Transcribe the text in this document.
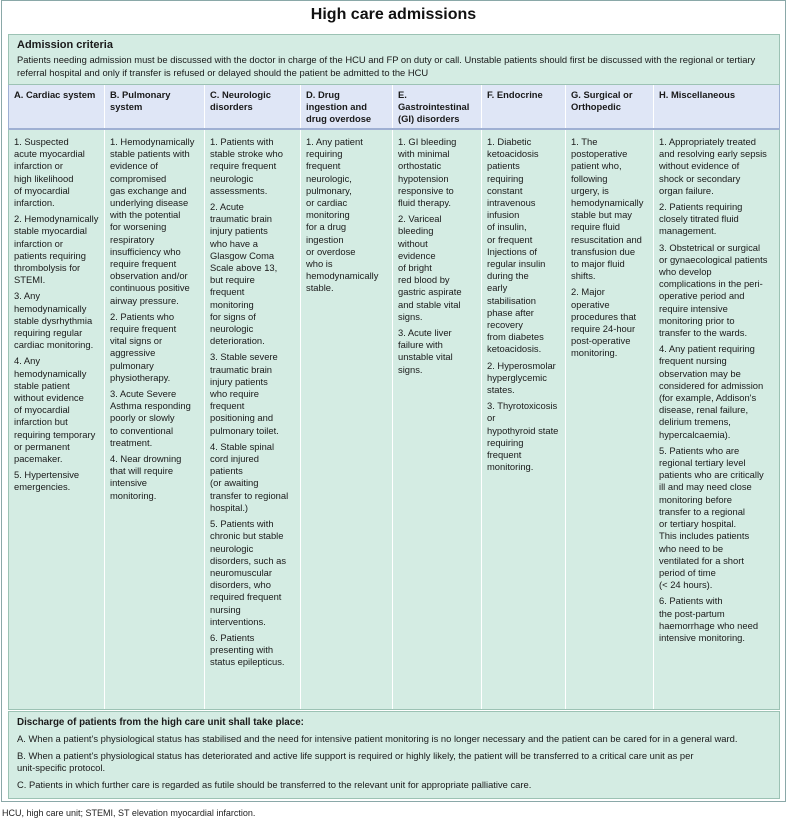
High care admissions
Admission criteria
Patients needing admission must be discussed with the doctor in charge of the HCU and FP on duty or call. Unstable patients should first be discussed with the regional or tertiary referral hospital and only if transfer is refused or delayed should the patient be admitted to the HCU
A. Cardiac system	B. Pulmonary
system
C. Neurologic
disorders
D. Drug
ingestion and
drug overdose
E. Gastrointestinal
(GI) disorders
F. Endocrine	G. Surgical or
Orthopedic
H. Miscellaneous

1. Suspected
acute myocardial
infarction or
high likelihood
of myocardial
infarction.

2. Hemodynamically
stable myocardial
infarction or
patients requiring
thrombolysis for
STEMI.

3. Any
hemodynamically
stable dysrhythmia
requiring regular
cardiac monitoring.

4. Any
hemodynamically
stable patient
without evidence
of myocardial
infarction but
requiring temporary
or permanent
pacemaker.

5. Hypertensive
emergencies.

1. Hemodynamically
stable patients with
evidence of
compromised
gas exchange and
underlying disease
with the potential
for worsening
respiratory
insufficiency who
require frequent
observation and/or
continuous positive
airway pressure.

2. Patients who
require frequent
vital signs or
aggressive
pulmonary
physiotherapy.

3. Acute Severe
Asthma responding
poorly or slowly
to conventional
treatment.

4. Near drowning
that will require
intensive
monitoring.

1. Patients with
stable stroke who
require frequent
neurologic
assessments.

2. Acute
traumatic brain
injury patients
who have a
Glasgow Coma
Scale above 13,
but require
frequent
monitoring
for signs of
neurologic
deterioration.

3. Stable severe
traumatic brain
injury patients
who require
frequent
positioning and
pulmonary toilet.

4. Stable spinal
cord injured
patients
(or awaiting
transfer to regional
hospital.)

5. Patients with
chronic but stable
neurologic
disorders, such as
neuromuscular
disorders, who
required frequent
nursing
interventions.

6. Patients
presenting with
status epilepticus.

1. Any patient
requiring
frequent
neurologic,
pulmonary,
or cardiac
monitoring
for a drug
ingestion
or overdose
who is
hemodynamically
stable.

1. GI bleeding
with minimal
orthostatic
hypotension
responsive to
fluid therapy.

2. Variceal
bleeding
without
evidence
of bright
red blood by
gastric aspirate
and stable vital
signs.

3. Acute liver
failure with
unstable vital
signs.

1. Diabetic
ketoacidosis
patients
requiring
constant
intravenous
infusion
of insulin,
or frequent
Injections of
regular insulin
during the
early
stabilisation
phase after
recovery
from diabetes
ketoacidosis.

2. Hyperosmolar
hyperglycemic
states.

3. Thyrotoxicosis or
hypothyroid state
requiring frequent
monitoring.

1. The
postoperative
patient who,
following
urgery, is
hemodynamically
stable but may
require fluid
resuscitation and
transfusion due
to major fluid
shifts.

2. Major
operative
procedures that
require 24-hour
post-operative
monitoring.

1. Appropriately treated
and resolving early sepsis
without evidence of
shock or secondary
organ failure.

2. Patients requiring
closely titrated fluid
management.

3. Obstetrical or surgical
or gynaecological patients
who develop
complications in the peri-
operative period and
require intensive
monitoring prior to
transfer to the wards.

4. Any patient requiring
frequent nursing
observation may be
considered for admission
(for example, Addison's
disease, renal failure,
delirium tremens,
hypercalcaemia).

5. Patients who are
regional tertiary level
patients who are critically
ill and may need close
monitoring before
transfer to a regional
or tertiary hospital.
This includes patients
who need to be
ventilated for a short
period of time
(< 24 hours).

6. Patients with
the post-partum
haemorrhage who need
intensive monitoring.

Discharge of patients from the high care unit shall take place:
A. When a patient's physiological status has stabilised and the need for intensive patient monitoring is no longer necessary and the patient can be cared for in a general ward.
B. When a patient's physiological status has deteriorated and active life support is required or highly likely, the patient will be transferred to a critical care unit as per
unit-specific protocol.
C. Patients in which further care is regarded as futile should be transferred to the relevant unit for appropriate palliative care.
HCU, high care unit; STEMI, ST elevation myocardial infarction.
